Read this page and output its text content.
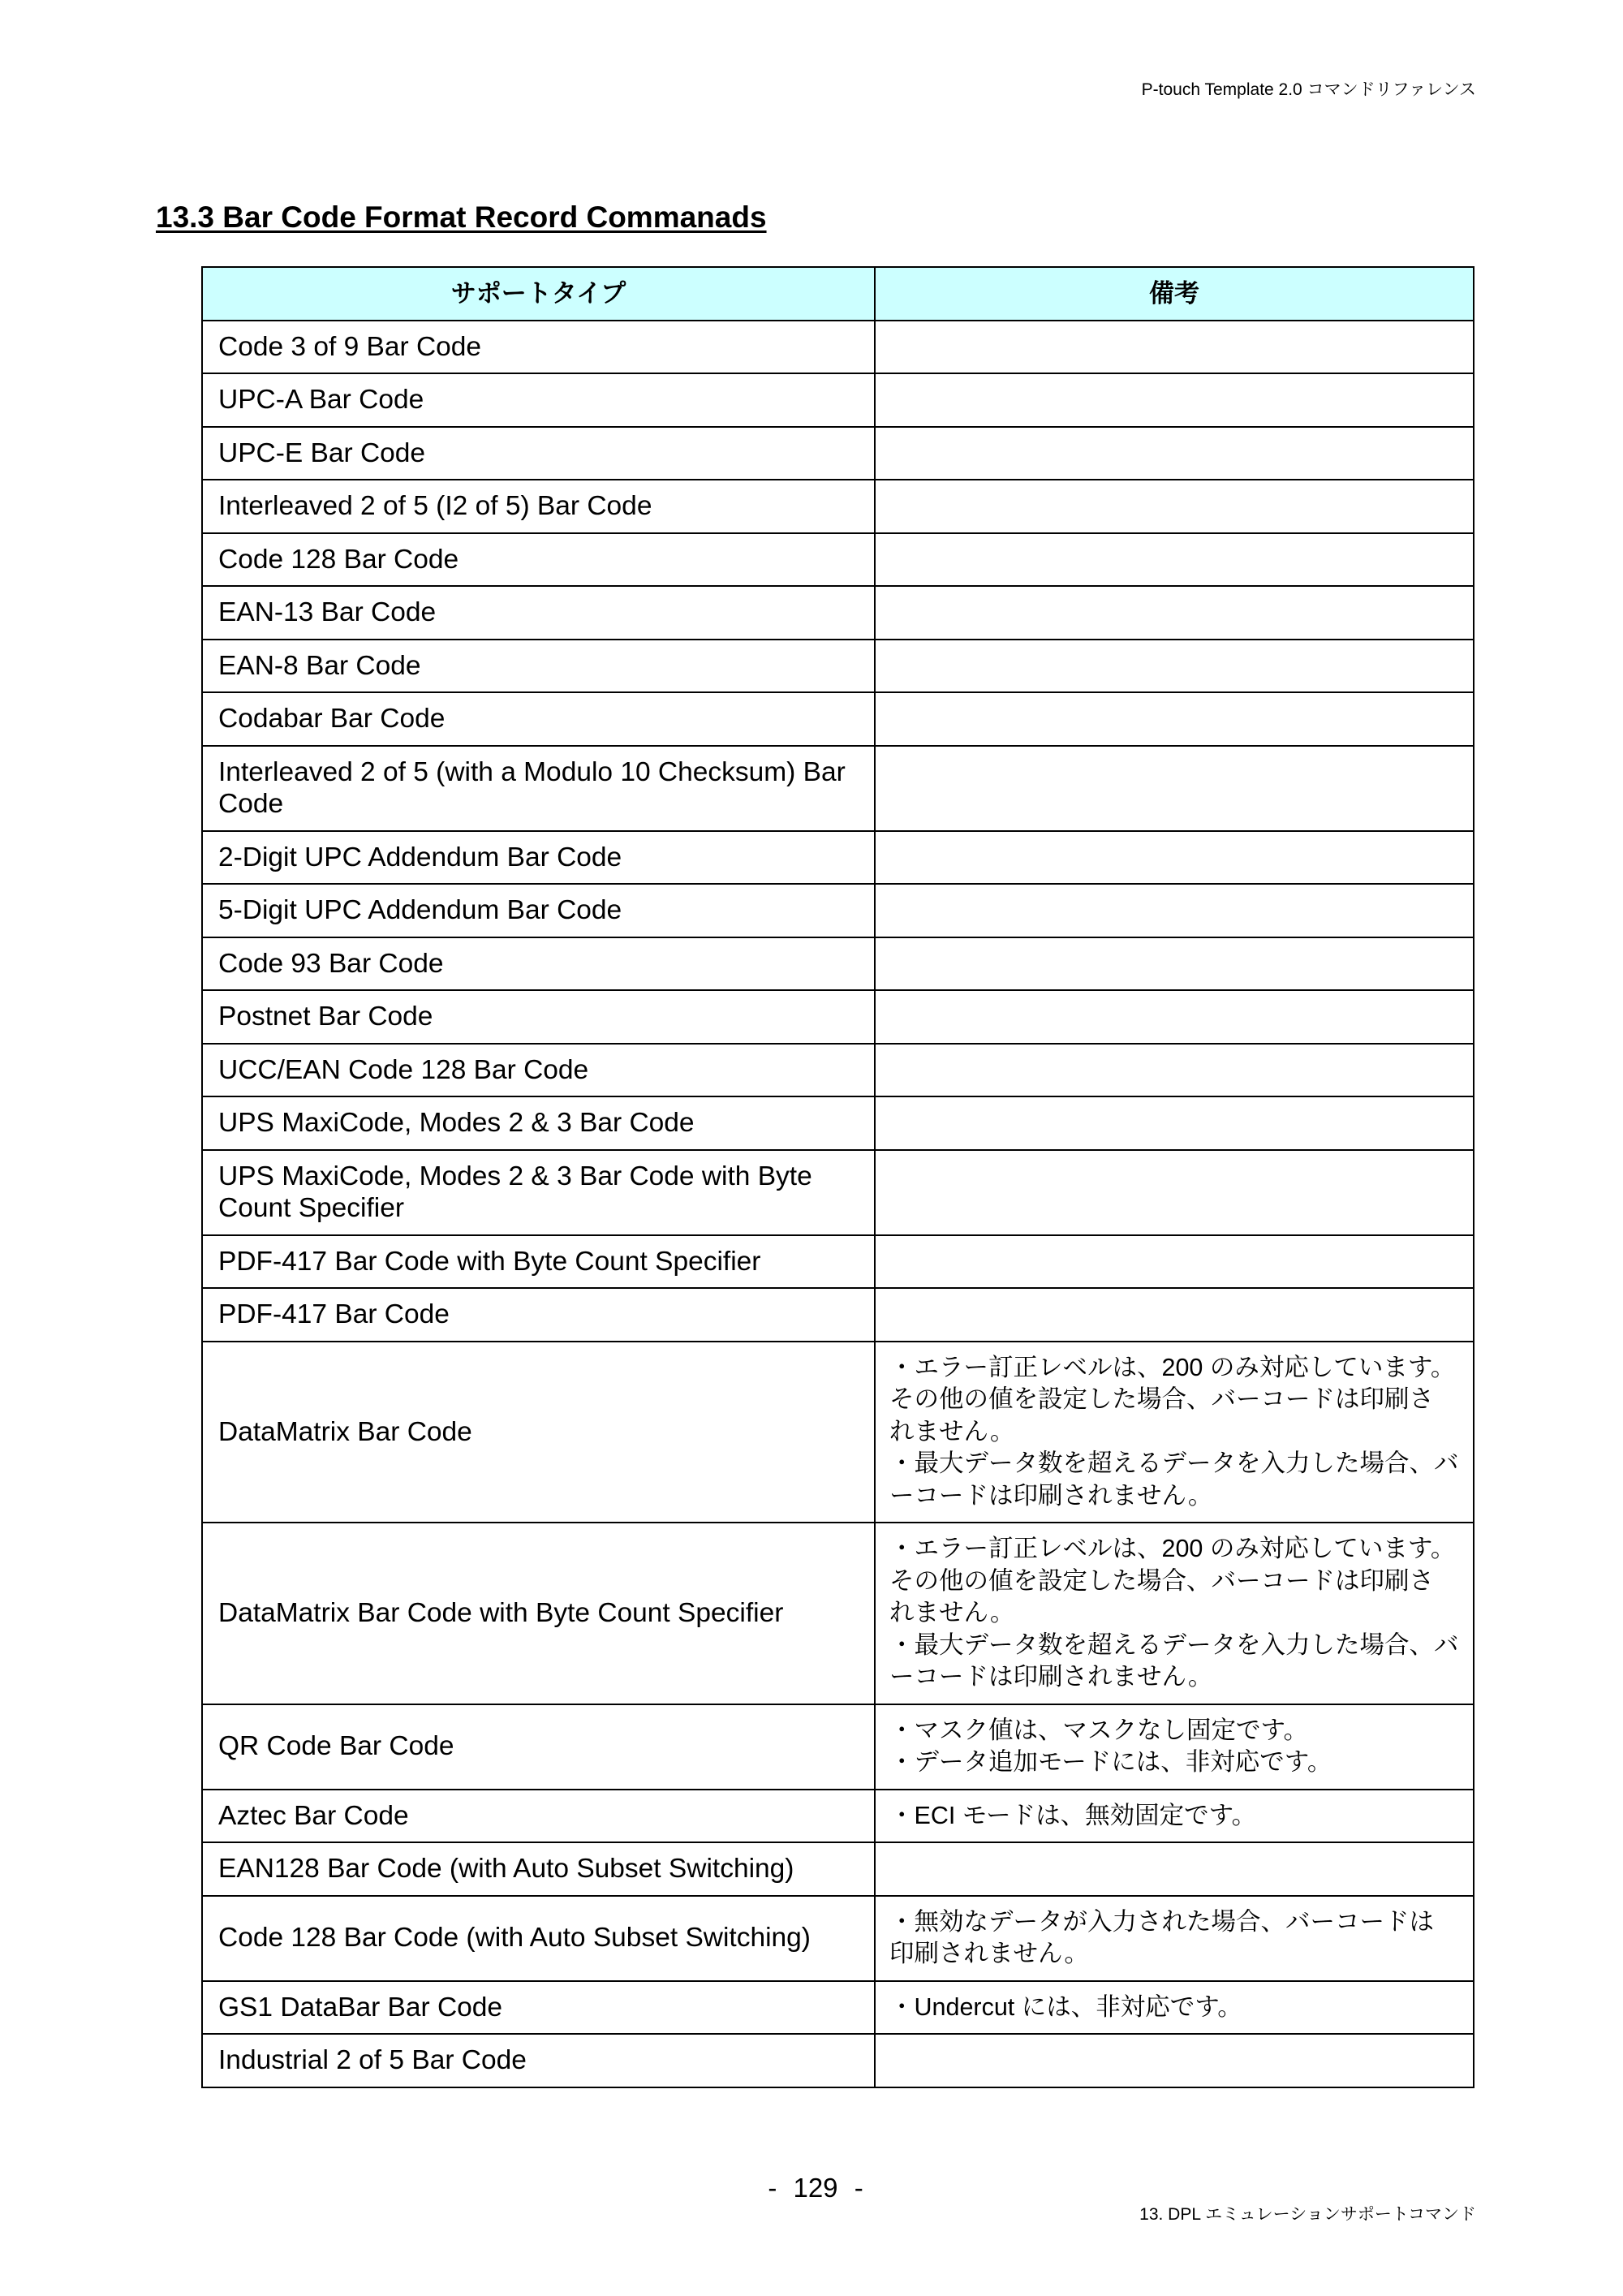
P-touch Template 2.0 コマンドリファレンス
13.3 Bar Code Format Record Commanads
サポートタイプ	備考
Code 3 of 9 Bar Code	
UPC-A Bar Code	
UPC-E Bar Code	
Interleaved 2 of 5 (I2 of 5) Bar Code	
Code 128 Bar Code	
EAN-13 Bar Code	
EAN-8 Bar Code	
Codabar Bar Code	
Interleaved 2 of 5 (with a Modulo 10 Checksum) Bar Code	
2-Digit UPC Addendum Bar Code	
5-Digit UPC Addendum Bar Code	
Code 93 Bar Code	
Postnet Bar Code	
UCC/EAN Code 128 Bar Code	
UPS MaxiCode, Modes 2 & 3 Bar Code	
UPS MaxiCode, Modes 2 & 3 Bar Code with Byte Count Specifier	
PDF-417 Bar Code with Byte Count Specifier	
PDF-417 Bar Code	
DataMatrix Bar Code	・エラー訂正レベルは、200 のみ対応しています。
その他の値を設定した場合、バーコードは印刷さ
れません。
・最大データ数を超えるデータを入力した場合、バ
ーコードは印刷されません。

DataMatrix Bar Code with Byte Count Specifier	・エラー訂正レベルは、200 のみ対応しています。
その他の値を設定した場合、バーコードは印刷さ
れません。
・最大データ数を超えるデータを入力した場合、バ
ーコードは印刷されません。

QR Code Bar Code	・マスク値は、マスクなし固定です。
・データ追加モードには、非対応です。

Aztec Bar Code	・ECI モードは、無効固定です。

EAN128 Bar Code (with Auto Subset Switching)	
Code 128 Bar Code (with Auto Subset Switching)	・無効なデータが入力された場合、バーコードは
印刷されません。

GS1 DataBar Bar Code	・Undercut には、非対応です。

Industrial 2 of 5 Bar Code	
- 129 -
13. DPL エミュレーションサポートコマンド
